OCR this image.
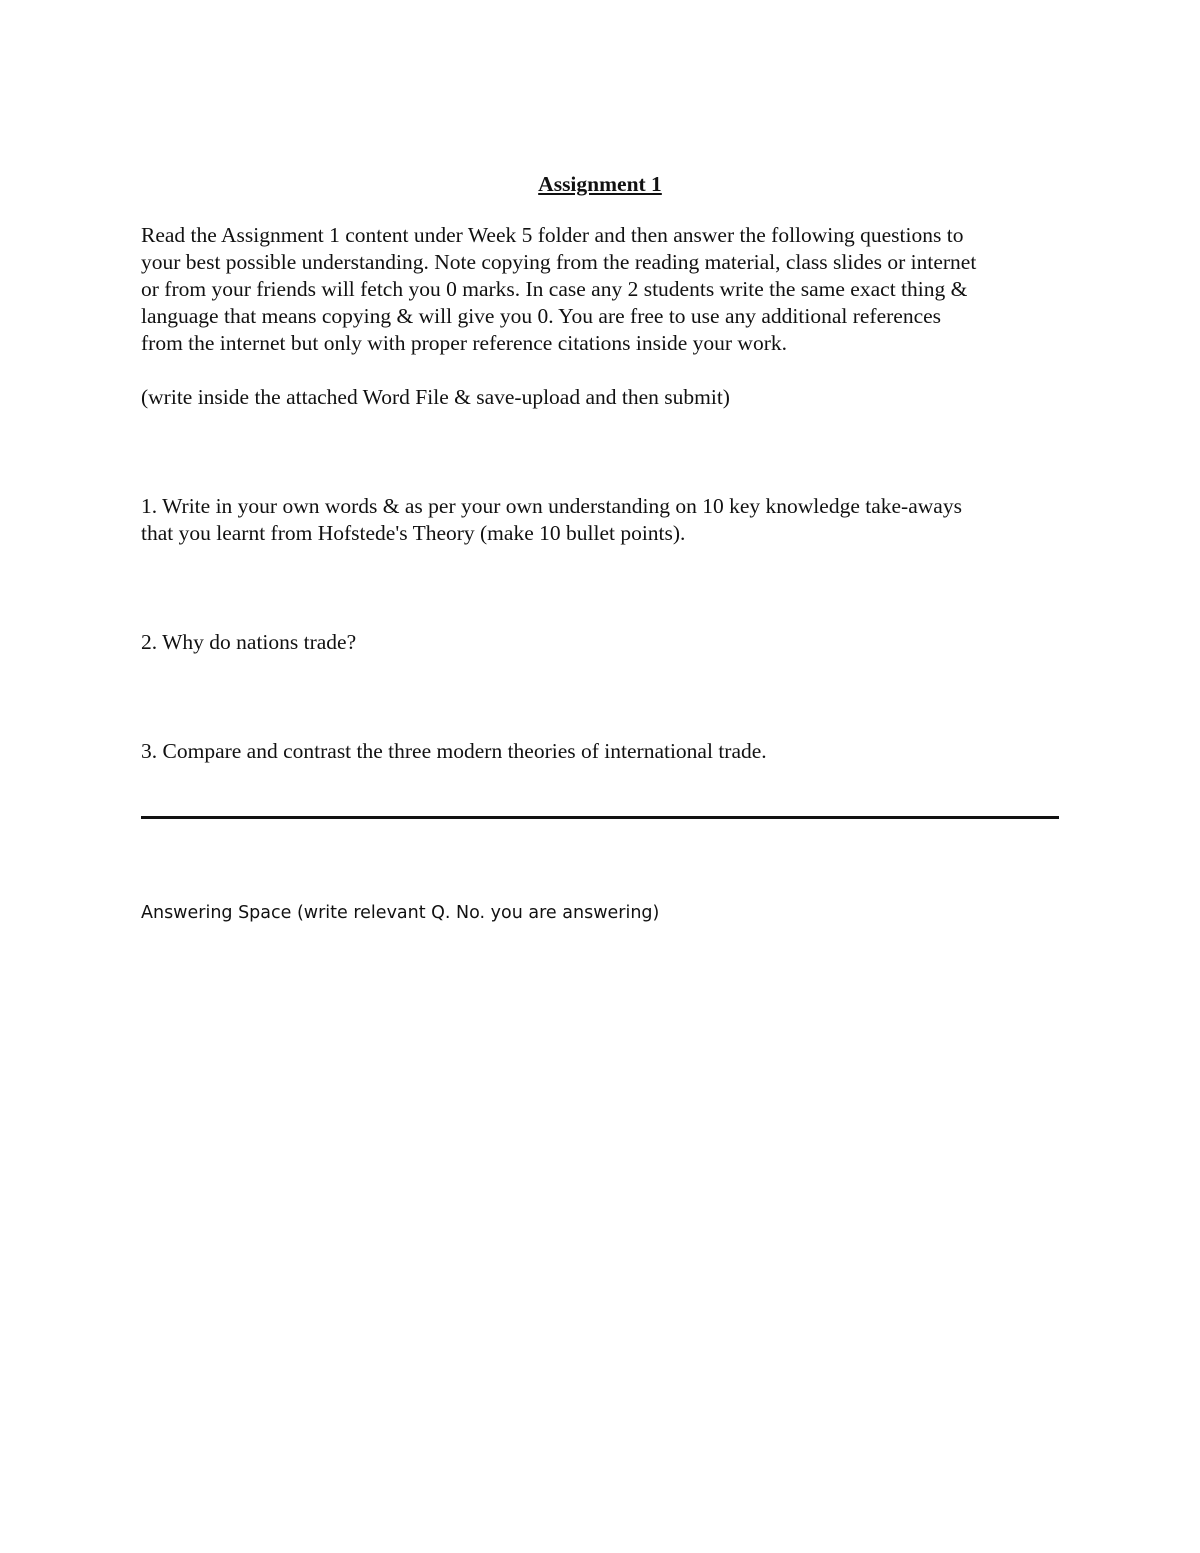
Assignment 1

Read the Assignment 1 content under Week 5 folder and then answer the following questions to
your best possible understanding. Note copying from the reading material, class slides or internet
or from your friends will fetch you 0 marks. In case any 2 students write the same exact thing &
language that means copying & will give you 0. You are free to use any additional references
from the internet but only with proper reference citations inside your work.

(write inside the attached Word File & save-upload and then submit)

1. Write in your own words & as per your own understanding on 10 key knowledge take-aways
that you learnt from Hofstede's Theory (make 10 bullet points).

2. Why do nations trade?

3. Compare and contrast the three modern theories of international trade.

Answering Space (write relevant Q. No. you are answering)
